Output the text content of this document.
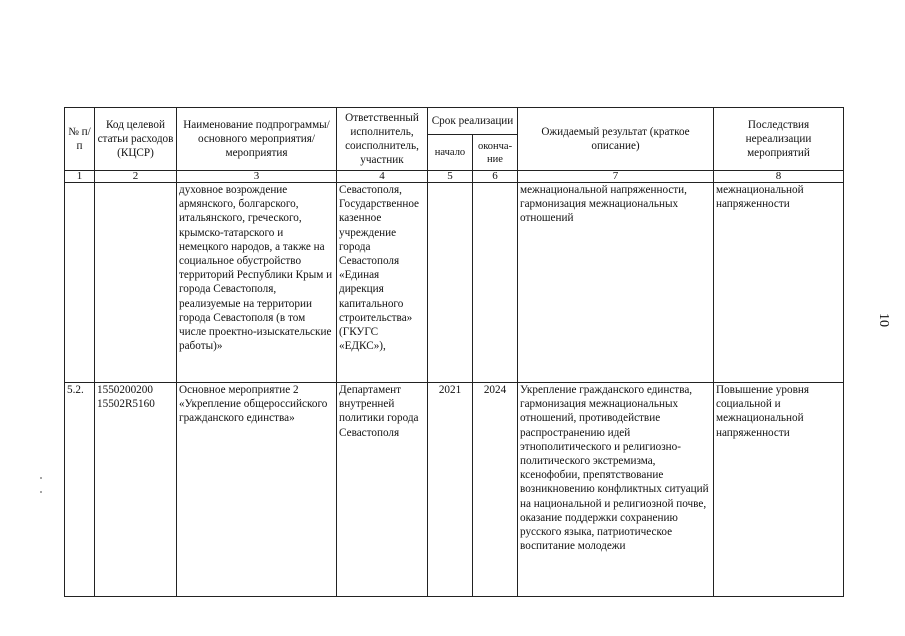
№ п/п	Код целевой статьи расходов (КЦСР)	Наименование подпрограммы/ основного мероприятия/ мероприятия	Ответственный исполнитель, соисполнитель, участник	Срок реализации		Ожидаемый результат (краткое описание)	Последствия нереализации мероприятий
				начало	оконча-ние		
1	2	3	4	5	6	7	8
		духовное возрождение армянского, болгарского, итальянского, греческого, крымско-татарского и немецкого народов, а также на социальное обустройство территорий Республики Крым и города Севастополя, реализуемые на территории города Севастополя (в том числе проектно-изыскательские работы)»	Севастополя, Государственное казенное учреждение города Севастополя «Единая дирекция капитального строительства» (ГКУГС «ЕДКС»),			межнациональной напряженности, гармонизация межнациональных отношений	межнациональной напряженности
5.2.	1550200200 15502R5160	Основное мероприятие 2 «Укрепление общероссийского гражданского единства»	Департамент внутренней политики города Севастополя	2021	2024	Укрепление гражданского единства, гармонизация межнациональных отношений, противодействие распространению идей этнополитического и религиозно-политического экстремизма, ксенофобии, препятствование возникновению конфликтных ситуаций на национальной и религиозной почве, оказание поддержки сохранению русского языка, патриотическое воспитание молодежи	Повышение уровня социальной и межнациональной напряженности
10
